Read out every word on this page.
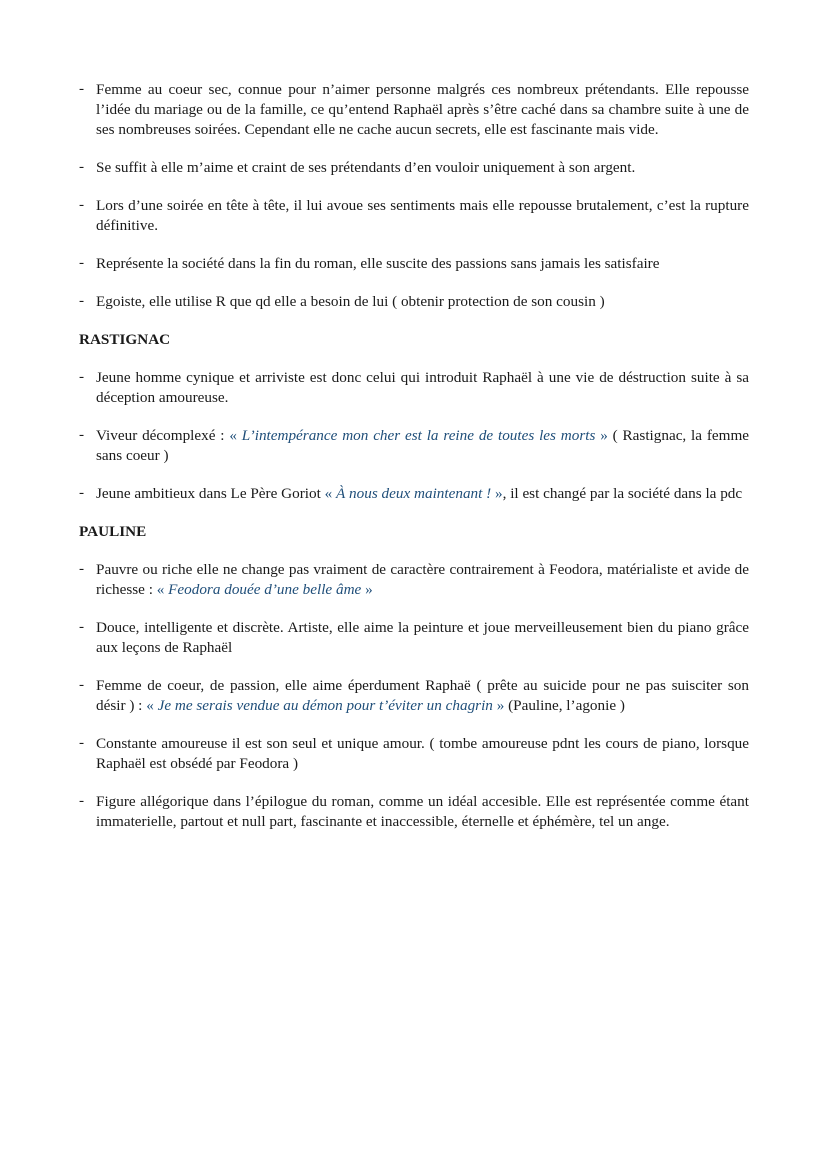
- Femme au coeur sec, connue pour n’aimer personne malgrés ces nombreux prétendants. Elle repousse l’idée du mariage ou de la famille, ce qu’entend Raphaël après s’être caché dans sa chambre suite à une de ses nombreuses soirées. Cependant elle ne cache aucun secrets, elle est fascinante mais vide.
- Se suffit à elle m’aime et craint de ses prétendants d’en vouloir uniquement à son argent.
- Lors d’une soirée en tête à tête, il lui avoue ses sentiments mais elle repousse brutalement, c’est la rupture définitive.
- Représente la société dans la fin du roman, elle suscite des passions sans jamais les satisfaire
- Egoiste, elle utilise R que qd elle a besoin de lui ( obtenir protection de son cousin )
RASTIGNAC
- Jeune homme cynique et arriviste est donc celui qui introduit Raphaël à une vie de déstruction suite à sa déception amoureuse.
- Viveur décomplexé : « L’intempérance mon cher est la reine de toutes les morts » ( Rastignac, la femme sans coeur )
- Jeune ambitieux dans Le Père Goriot « À nous deux maintenant ! », il est changé par la société dans la pdc
PAULINE
- Pauvre ou riche elle ne change pas vraiment de caractère contrairement à Feodora, matérialiste et avide de richesse : « Feodora douée d’une belle âme »
- Douce, intelligente et discrète. Artiste, elle aime la peinture et joue merveilleusement bien du piano grâce aux leçons de Raphaël
- Femme de coeur, de passion, elle aime éperdument Raphaë ( prête au suicide pour ne pas suisciter son désir ) : « Je me serais vendue au démon pour t’éviter un chagrin » (Pauline, l’agonie )
- Constante amoureuse il est son seul et unique amour. ( tombe amoureuse pdnt les cours de piano, lorsque Raphaël est obsédé par Feodora )
- Figure allégorique dans l’épilogue du roman, comme un idéal accesible. Elle est représentée comme étant immaterielle, partout et null part, fascinante et inaccessible, éternelle et éphémère, tel un ange.
